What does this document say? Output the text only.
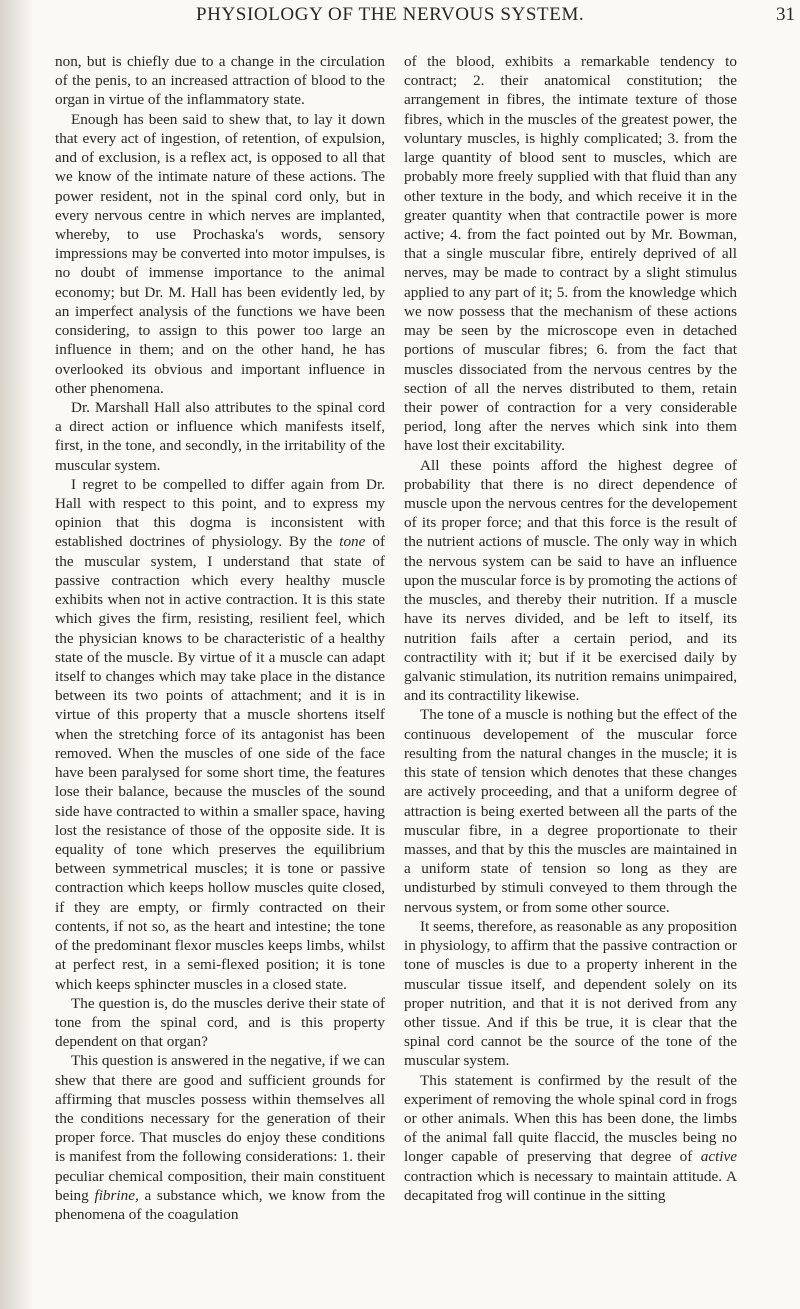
PHYSIOLOGY OF THE NERVOUS SYSTEM.	31

non, but is chiefly due to a change in the circulation of the penis, to an increased attraction of blood to the organ in virtue of the inflammatory state.

Enough has been said to shew that, to lay it down that every act of ingestion, of retention, of expulsion, and of exclusion, is a reflex act, is opposed to all that we know of the intimate nature of these actions. The power resident, not in the spinal cord only, but in every nervous centre in which nerves are implanted, whereby, to use Prochaska's words, sensory impressions may be converted into motor impulses, is no doubt of immense importance to the animal economy; but Dr. M. Hall has been evidently led, by an imperfect analysis of the functions we have been considering, to assign to this power too large an influence in them; and on the other hand, he has overlooked its obvious and important influence in other phenomena.

Dr. Marshall Hall also attributes to the spinal cord a direct action or influence which manifests itself, first, in the tone, and secondly, in the irritability of the muscular system.

I regret to be compelled to differ again from Dr. Hall with respect to this point, and to express my opinion that this dogma is inconsistent with established doctrines of physiology. By the tone of the muscular system, I understand that state of passive contraction which every healthy muscle exhibits when not in active contraction. It is this state which gives the firm, resisting, resilient feel, which the physician knows to be characteristic of a healthy state of the muscle. By virtue of it a muscle can adapt itself to changes which may take place in the distance between its two points of attachment; and it is in virtue of this property that a muscle shortens itself when the stretching force of its antagonist has been removed. When the muscles of one side of the face have been paralysed for some short time, the features lose their balance, because the muscles of the sound side have contracted to within a smaller space, having lost the resistance of those of the opposite side. It is equality of tone which preserves the equilibrium between symmetrical muscles; it is tone or passive contraction which keeps hollow muscles quite closed, if they are empty, or firmly contracted on their contents, if not so, as the heart and intestine; the tone of the predominant flexor muscles keeps limbs, whilst at perfect rest, in a semi-flexed position; it is tone which keeps sphincter muscles in a closed state.

The question is, do the muscles derive their state of tone from the spinal cord, and is this property dependent on that organ?

This question is answered in the negative, if we can shew that there are good and sufficient grounds for affirming that muscles possess within themselves all the conditions necessary for the generation of their proper force. That muscles do enjoy these conditions is manifest from the following considerations: 1. their peculiar chemical composition, their main constituent being fibrine, a substance which, we know from the phenomena of the coagulation

of the blood, exhibits a remarkable tendency to contract; 2. their anatomical constitution; the arrangement in fibres, the intimate texture of those fibres, which in the muscles of the greatest power, the voluntary muscles, is highly complicated; 3. from the large quantity of blood sent to muscles, which are probably more freely supplied with that fluid than any other texture in the body, and which receive it in the greater quantity when that contractile power is more active; 4. from the fact pointed out by Mr. Bowman, that a single muscular fibre, entirely deprived of all nerves, may be made to contract by a slight stimulus applied to any part of it; 5. from the knowledge which we now possess that the mechanism of these actions may be seen by the microscope even in detached portions of muscular fibres; 6. from the fact that muscles dissociated from the nervous centres by the section of all the nerves distributed to them, retain their power of contraction for a very considerable period, long after the nerves which sink into them have lost their excitability.

All these points afford the highest degree of probability that there is no direct dependence of muscle upon the nervous centres for the developement of its proper force; and that this force is the result of the nutrient actions of muscle. The only way in which the nervous system can be said to have an influence upon the muscular force is by promoting the actions of the muscles, and thereby their nutrition. If a muscle have its nerves divided, and be left to itself, its nutrition fails after a certain period, and its contractility with it; but if it be exercised daily by galvanic stimulation, its nutrition remains unimpaired, and its contractility likewise.

The tone of a muscle is nothing but the effect of the continuous developement of the muscular force resulting from the natural changes in the muscle; it is this state of tension which denotes that these changes are actively proceeding, and that a uniform degree of attraction is being exerted between all the parts of the muscular fibre, in a degree proportionate to their masses, and that by this the muscles are maintained in a uniform state of tension so long as they are undisturbed by stimuli conveyed to them through the nervous system, or from some other source.

It seems, therefore, as reasonable as any proposition in physiology, to affirm that the passive contraction or tone of muscles is due to a property inherent in the muscular tissue itself, and dependent solely on its proper nutrition, and that it is not derived from any other tissue. And if this be true, it is clear that the spinal cord cannot be the source of the tone of the muscular system.

This statement is confirmed by the result of the experiment of removing the whole spinal cord in frogs or other animals. When this has been done, the limbs of the animal fall quite flaccid, the muscles being no longer capable of preserving that degree of active contraction which is necessary to maintain attitude. A decapitated frog will continue in the sitting
